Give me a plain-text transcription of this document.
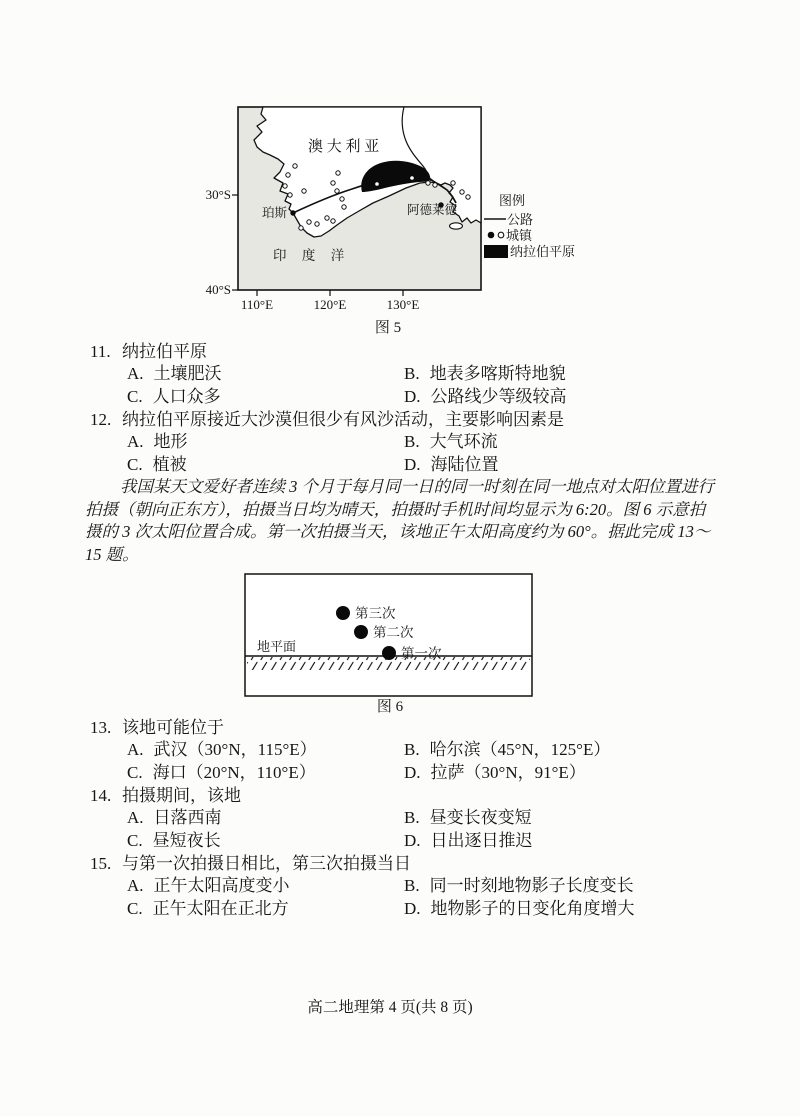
澳 大 利 亚
珀斯	阿德莱德
印 度 洋
30°S
40°S
110°E	120°E	130°E
图例
公路
城镇
纳拉伯平原
图 5
11. 纳拉伯平原
A. 土壤肥沃	B. 地表多喀斯特地貌
C. 人口众多	D. 公路线少等级较高
12. 纳拉伯平原接近大沙漠但很少有风沙活动，主要影响因素是
A. 地形	B. 大气环流
C. 植被	D. 海陆位置
我国某天文爱好者连续 3 个月于每月同一日的同一时刻在同一地点对太阳位置进行
拍摄（朝向正东方），拍摄当日均为晴天，拍摄时手机时间均显示为 6:20。图 6 示意拍
摄的 3 次太阳位置合成。第一次拍摄当天，该地正午太阳高度约为 60°。据此完成 13～
15 题。
地平面
第三次
第二次
第一次
图 6
13. 该地可能位于
A. 武汉（30°N，115°E）	B. 哈尔滨（45°N，125°E）
C. 海口（20°N，110°E）	D. 拉萨（30°N，91°E）
14. 拍摄期间，该地
A. 日落西南	B. 昼变长夜变短
C. 昼短夜长	D. 日出逐日推迟
15. 与第一次拍摄日相比，第三次拍摄当日
A. 正午太阳高度变小	B. 同一时刻地物影子长度变长
C. 正午太阳在正北方	D. 地物影子的日变化角度增大
高二地理第 4 页(共 8 页)
